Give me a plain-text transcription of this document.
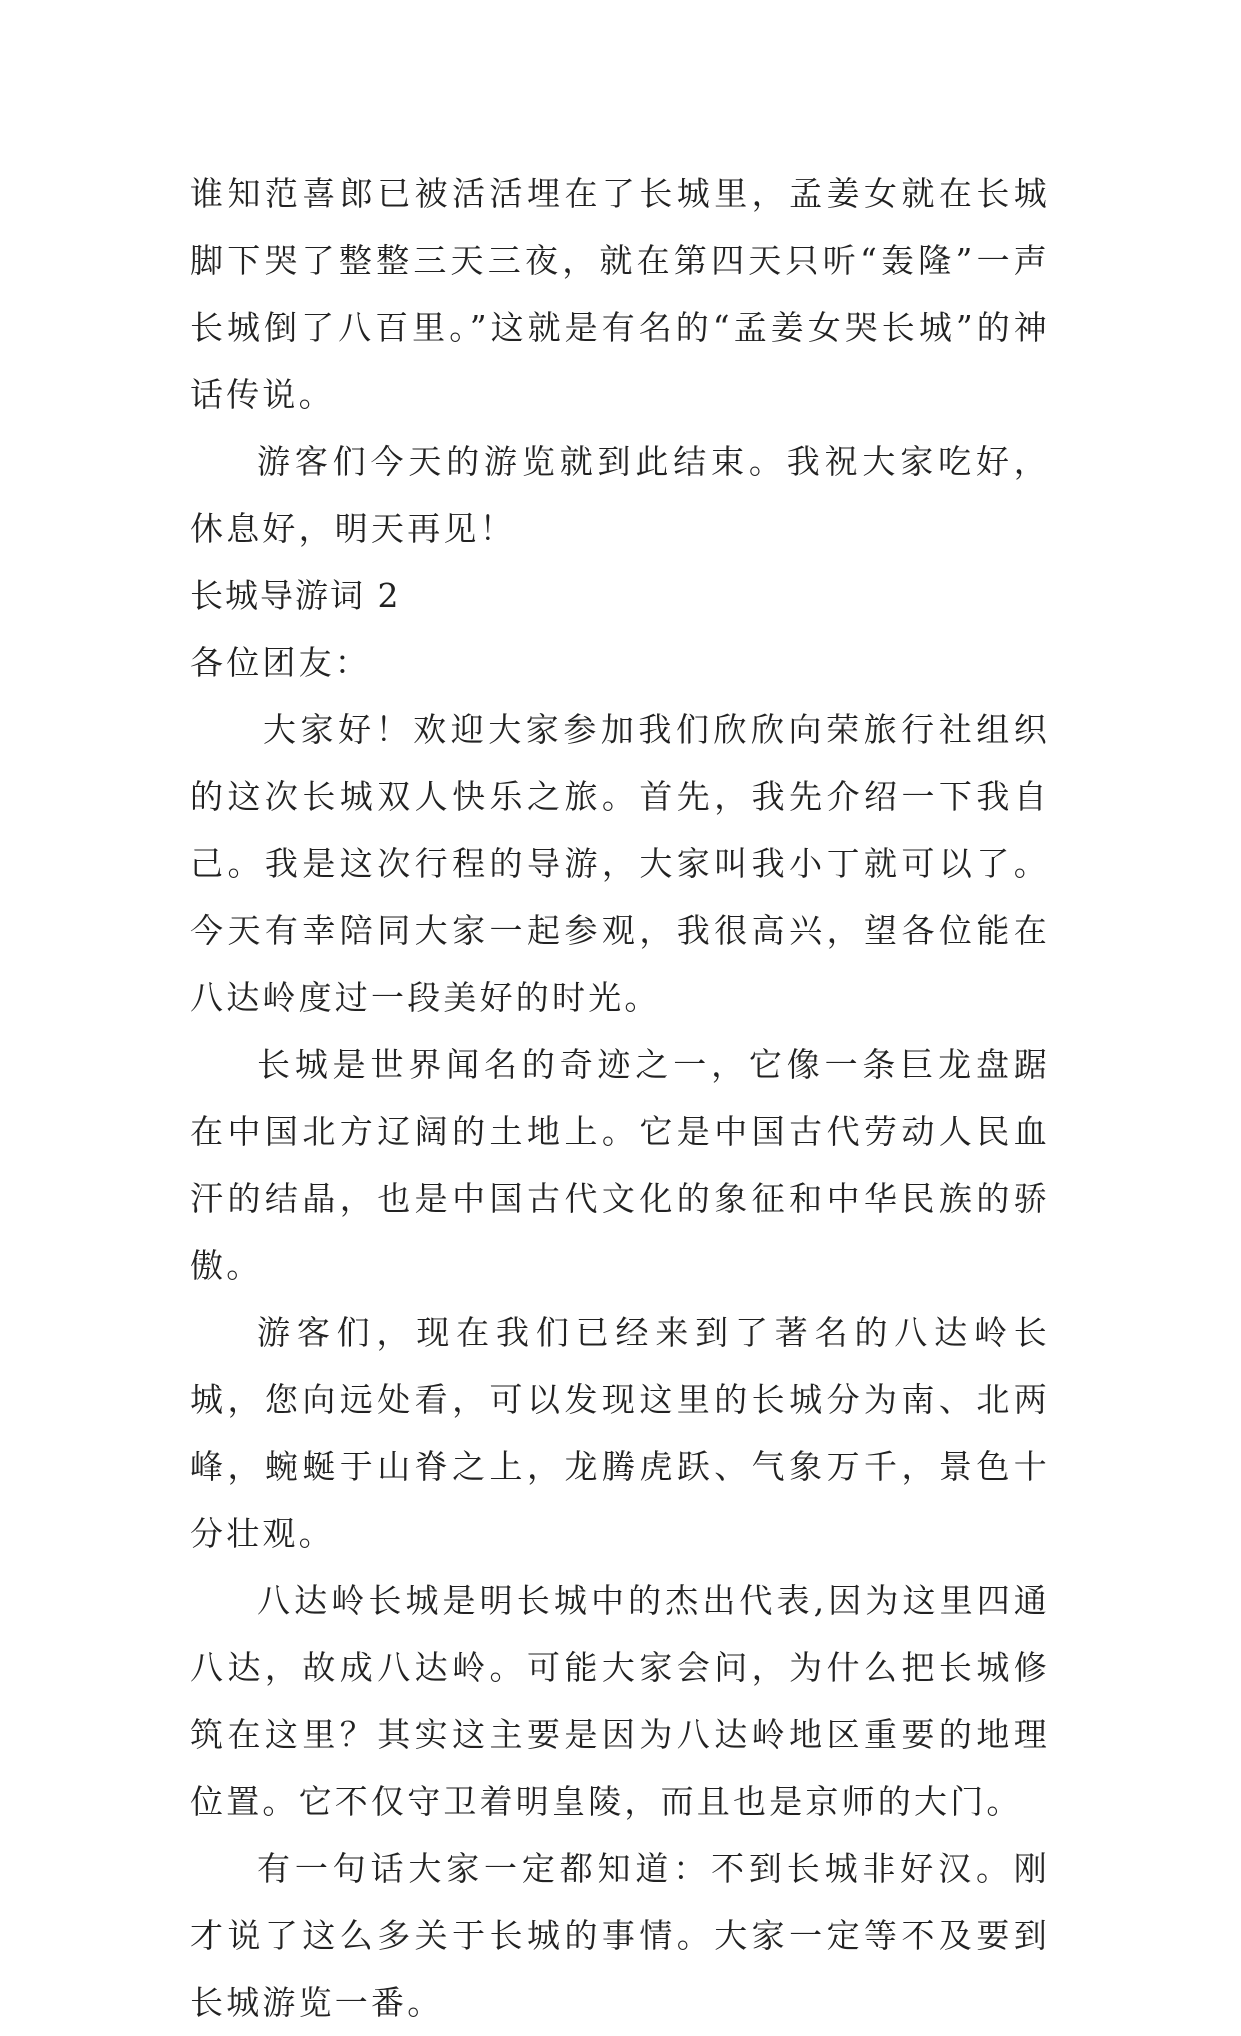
谁知范喜郎已被活活埋在了长城里，孟姜女就在长城脚下哭了整整三天三夜，就在第四天只听“轰隆”一声长城倒了八百里。”这就是有名的“孟姜女哭长城”的神话传说。

游客们今天的游览就到此结束。我祝大家吃好，休息好，明天再见！

长城导游词 2

各位团友：

大家好！欢迎大家参加我们欣欣向荣旅行社组织的这次长城双人快乐之旅。首先，我先介绍一下我自己。我是这次行程的导游，大家叫我小丁就可以了。今天有幸陪同大家一起参观，我很高兴，望各位能在八达岭度过一段美好的时光。

长城是世界闻名的奇迹之一，它像一条巨龙盘踞在中国北方辽阔的土地上。它是中国古代劳动人民血汗的结晶，也是中国古代文化的象征和中华民族的骄傲。

游客们，现在我们已经来到了著名的八达岭长城，您向远处看，可以发现这里的长城分为南、北两峰，蜿蜒于山脊之上，龙腾虎跃、气象万千，景色十分壮观。

八达岭长城是明长城中的杰出代表,因为这里四通八达，故成八达岭。可能大家会问，为什么把长城修筑在这里？其实这主要是因为八达岭地区重要的地理位置。它不仅守卫着明皇陵，而且也是京师的大门。

有一句话大家一定都知道：不到长城非好汉。刚才说了这么多关于长城的事情。大家一定等不及要到长城游览一番。
